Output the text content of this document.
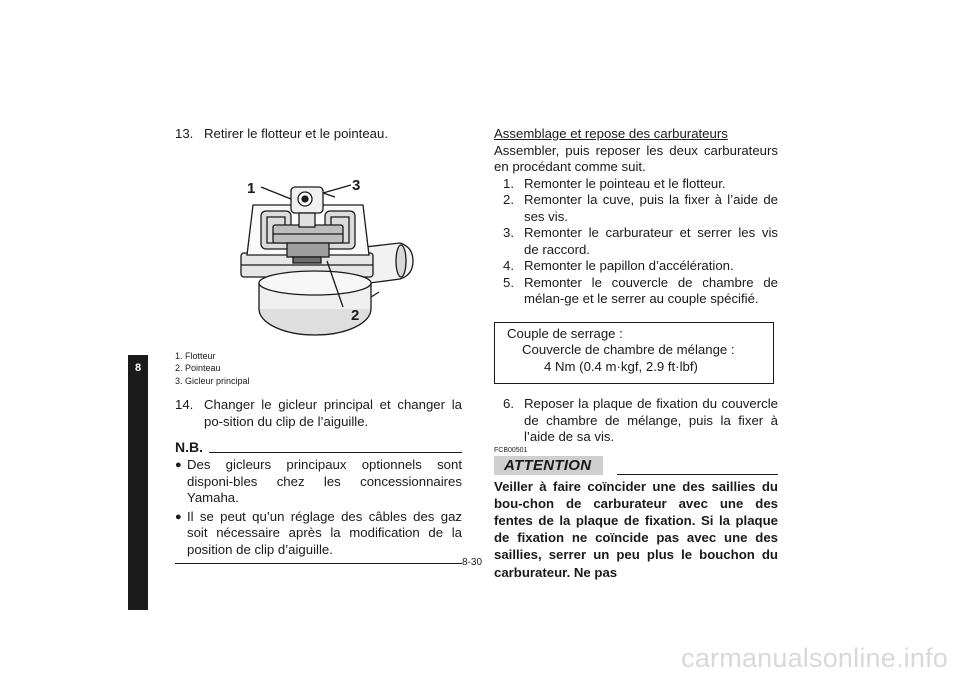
8
13. Retirer le flotteur et le pointeau.
1	3
2
1. Flotteur
2. Pointeau
3. Gicleur principal
14. Changer le gicleur principal et changer la po-sition du clip de l’aiguille.
N.B.
● Des gicleurs principaux optionnels sont disponi-bles chez les concessionnaires Yamaha.
● Il se peut qu’un réglage des câbles des gaz soit nécessaire après la modification de la position de clip d’aiguille.
Assemblage et repose des carburateurs
Assembler, puis reposer les deux carburateurs en procédant comme suit.
1. Remonter le pointeau et le flotteur.
2. Remonter la cuve, puis la fixer à l’aide de ses vis.
3. Remonter le carburateur et serrer les vis de raccord.
4. Remonter le papillon d’accélération.
5. Remonter le couvercle de chambre de mélan-ge et le serrer au couple spécifié.
Couple de serrage :
Couvercle de chambre de mélange :
4 Nm (0.4 m·kgf, 2.9 ft·lbf)
6. Reposer la plaque de fixation du couvercle de chambre de mélange, puis la fixer à l’aide de sa vis.
FCB00501
ATTENTION
Veiller à faire coïncider une des saillies du bou-chon de carburateur avec une des fentes de la plaque de fixation. Si la plaque de fixation ne coïncide pas avec une des saillies, serrer un peu plus le bouchon du carburateur. Ne pas
8-30
carmanualsonline.info
